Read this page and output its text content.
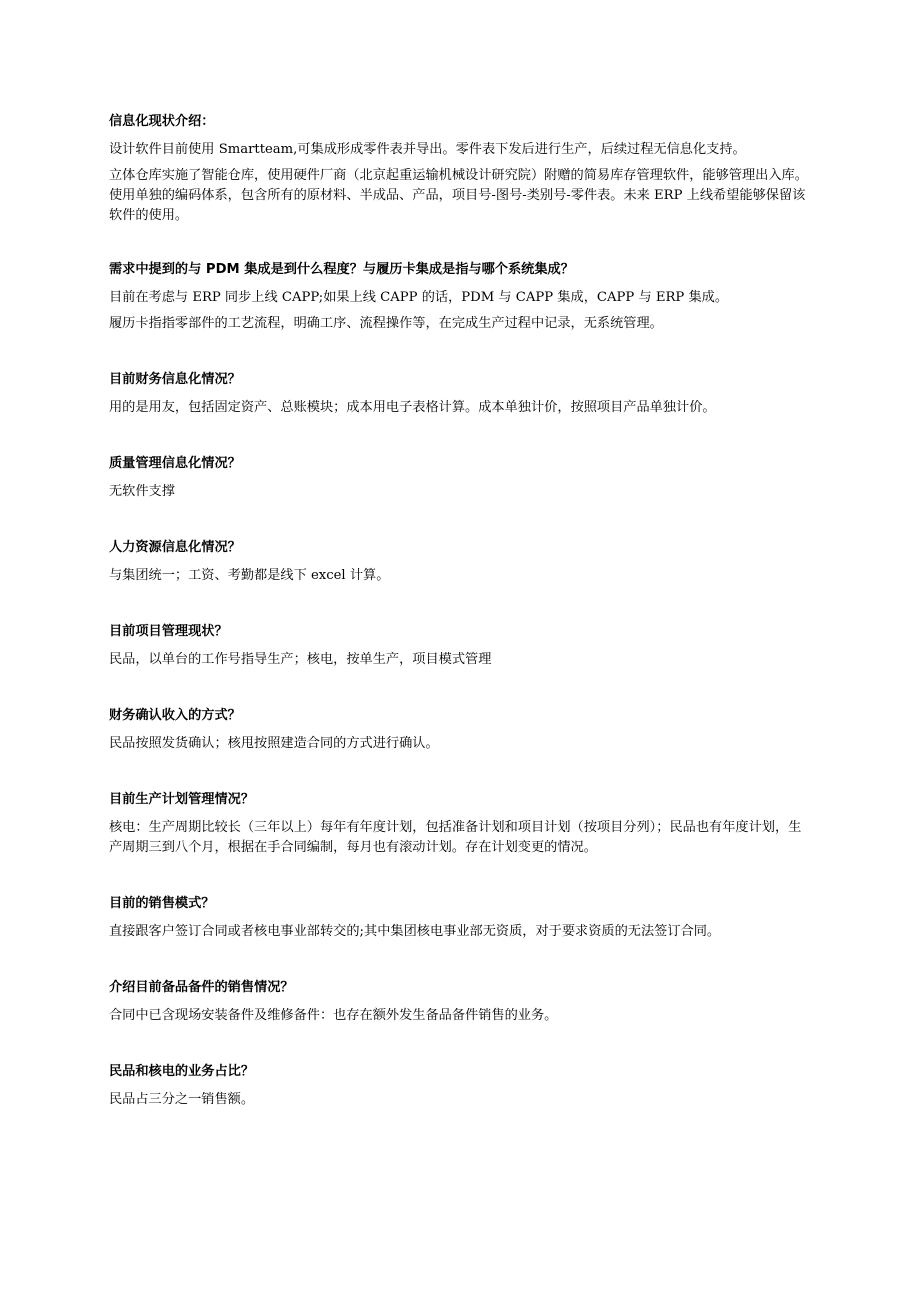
信息化现状介绍：
设计软件目前使用 Smartteam,可集成形成零件表并导出。零件表下发后进行生产，后续过程无信息化支持。
立体仓库实施了智能仓库，使用硬件厂商（北京起重运输机械设计研究院）附赠的简易库存管理软件，能够管理出入库。使用单独的编码体系，包含所有的原材料、半成品、产品，项目号-图号-类别号-零件表。未来 ERP 上线希望能够保留该软件的使用。
需求中提到的与 PDM 集成是到什么程度？与履历卡集成是指与哪个系统集成？
目前在考虑与 ERP 同步上线 CAPP;如果上线 CAPP 的话，PDM 与 CAPP 集成，CAPP 与 ERP 集成。
履历卡指指零部件的工艺流程，明确工序、流程操作等，在完成生产过程中记录，无系统管理。
目前财务信息化情况？
用的是用友，包括固定资产、总账模块；成本用电子表格计算。成本单独计价，按照项目产品单独计价。
质量管理信息化情况？
无软件支撑
人力资源信息化情况？
与集团统一；工资、考勤都是线下 excel 计算。
目前项目管理现状？
民品，以单台的工作号指导生产；核电，按单生产，项目模式管理
财务确认收入的方式？
民品按照发货确认；核甩按照建造合同的方式进行确认。
目前生产计划管理情况？
核电：生产周期比较长（三年以上）每年有年度计划，包括准备计划和项目计划（按项目分列）；民品也有年度计划，生产周期三到八个月，根据在手合同编制，每月也有滚动计划。存在计划变更的情况。
目前的销售模式？
直接跟客户签订合同或者核电事业部转交的;其中集团核电事业部无资质，对于要求资质的无法签订合同。
介绍目前备品备件的销售情况？
合同中已含现场安装备件及维修备件：也存在额外发生备品备件销售的业务。
民品和核电的业务占比？
民品占三分之一销售额。
